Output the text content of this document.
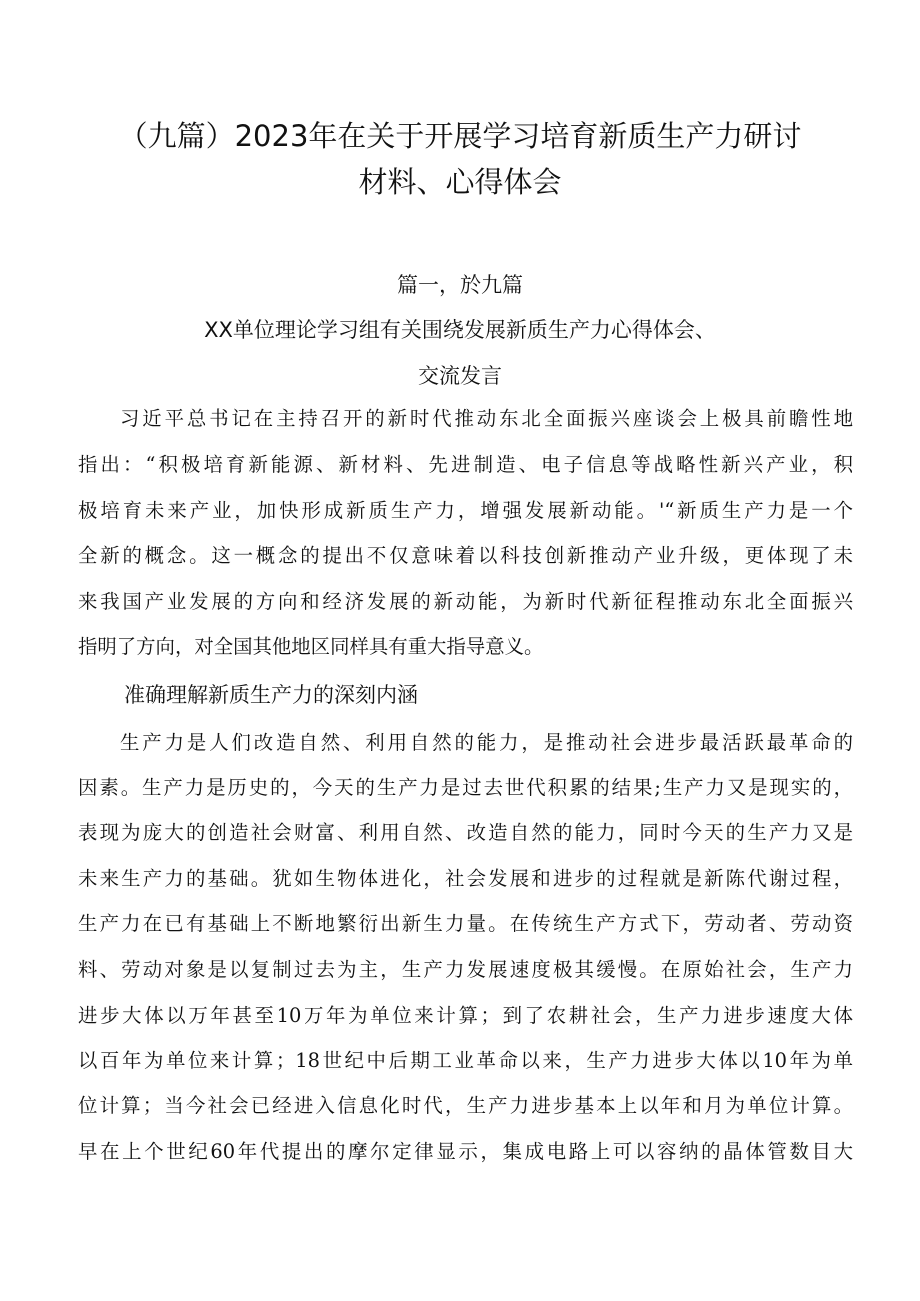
（九篇）2023年在关于开展学习培育新质生产力研讨
材料、心得体会
篇一，於九篇
XX单位理论学习组有关围绕发展新质生产力心得体会、
交流发言
习近平总书记在主持召开的新时代推动东北全面振兴座谈会上极具前瞻性地
指出：“积极培育新能源、新材料、先进制造、电子信息等战略性新兴产业，积
极培育未来产业，加快形成新质生产力，增强发展新动能。'“新质生产力是一个
全新的概念。这一概念的提出不仅意味着以科技创新推动产业升级，更体现了未
来我国产业发展的方向和经济发展的新动能，为新时代新征程推动东北全面振兴
指明了方向，对全国其他地区同样具有重大指导意义。
准确理解新质生产力的深刻内涵
生产力是人们改造自然、利用自然的能力，是推动社会进步最活跃最革命的
因素。生产力是历史的，今天的生产力是过去世代积累的结果;生产力又是现实的，
表现为庞大的创造社会财富、利用自然、改造自然的能力，同时今天的生产力又是
未来生产力的基础。犹如生物体进化，社会发展和进步的过程就是新陈代谢过程，
生产力在已有基础上不断地繁衍出新生力量。在传统生产方式下，劳动者、劳动资
料、劳动对象是以复制过去为主，生产力发展速度极其缓慢。在原始社会，生产力
进步大体以万年甚至10万年为单位来计算；到了农耕社会，生产力进步速度大体
以百年为单位来计算；18世纪中后期工业革命以来，生产力进步大体以10年为单
位计算；当今社会已经进入信息化时代，生产力进步基本上以年和月为单位计算。
早在上个世纪60年代提出的摩尔定律显示，集成电路上可以容纳的晶体管数目大
